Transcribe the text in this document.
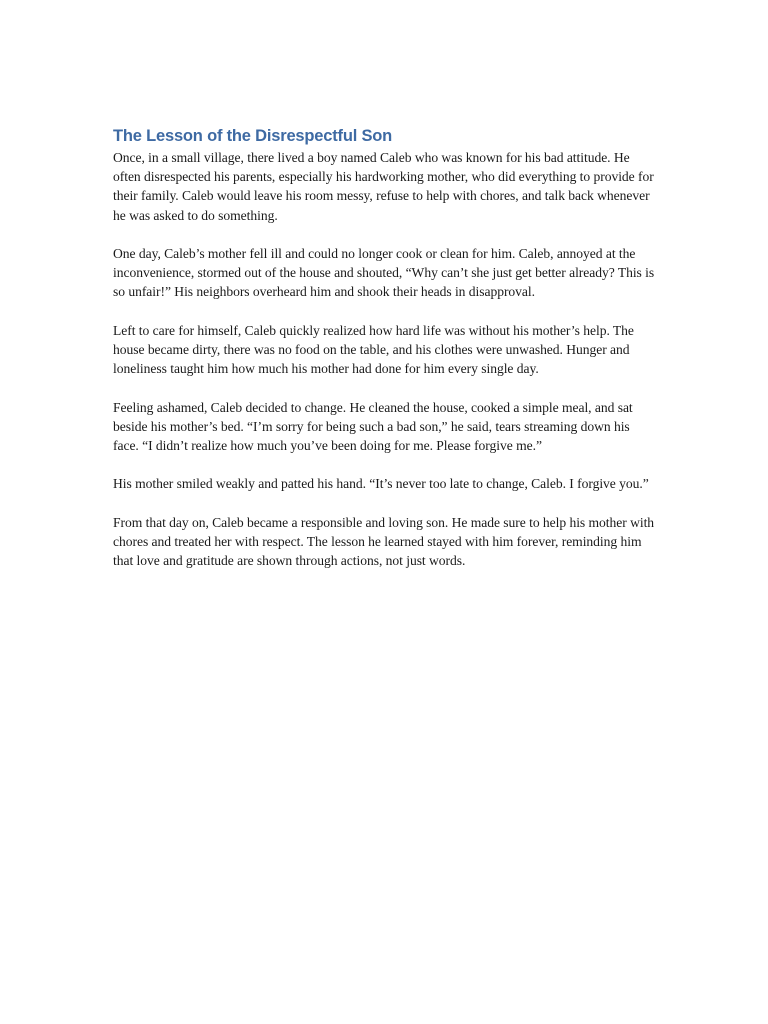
The Lesson of the Disrespectful Son

Once, in a small village, there lived a boy named Caleb who was known for his bad attitude. He often disrespected his parents, especially his hardworking mother, who did everything to provide for their family. Caleb would leave his room messy, refuse to help with chores, and talk back whenever he was asked to do something.

One day, Caleb’s mother fell ill and could no longer cook or clean for him. Caleb, annoyed at the inconvenience, stormed out of the house and shouted, “Why can’t she just get better already? This is so unfair!” His neighbors overheard him and shook their heads in disapproval.

Left to care for himself, Caleb quickly realized how hard life was without his mother’s help. The house became dirty, there was no food on the table, and his clothes were unwashed. Hunger and loneliness taught him how much his mother had done for him every single day.

Feeling ashamed, Caleb decided to change. He cleaned the house, cooked a simple meal, and sat beside his mother’s bed. “I’m sorry for being such a bad son,” he said, tears streaming down his face. “I didn’t realize how much you’ve been doing for me. Please forgive me.”

His mother smiled weakly and patted his hand. “It’s never too late to change, Caleb. I forgive you.”

From that day on, Caleb became a responsible and loving son. He made sure to help his mother with chores and treated her with respect. The lesson he learned stayed with him forever, reminding him that love and gratitude are shown through actions, not just words.
